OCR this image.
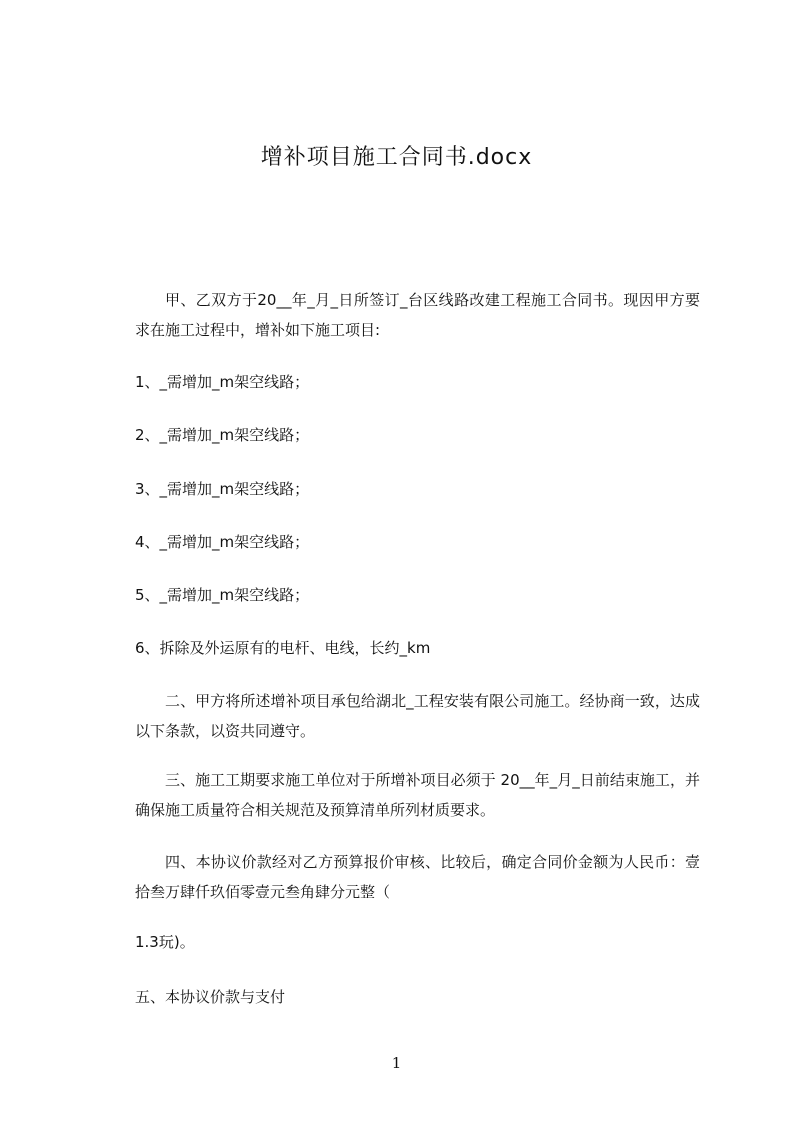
增补项目施工合同书.docx

甲、乙双方于20__年_月_日所签订_台区线路改建工程施工合同书。现因甲方要求在施工过程中，增补如下施工项目:

1、_需增加_m架空线路；
2、_需增加_m架空线路；
3、_需增加_m架空线路；
4、_需增加_m架空线路；
5、_需增加_m架空线路；
6、拆除及外运原有的电杆、电线，长约_km

二、甲方将所述增补项目承包给湖北_工程安装有限公司施工。经协商一致，达成以下条款，以资共同遵守。

三、施工工期要求施工单位对于所增补项目必须于 20__年_月_日前结束施工，并确保施工质量符合相关规范及预算清单所列材质要求。

四、本协议价款经对乙方预算报价审核、比较后，确定合同价金额为人民币：壹拾叁万肆仟玖佰零壹元叁角肆分元整（

1.3玩)。
五、本协议价款与支付
1
